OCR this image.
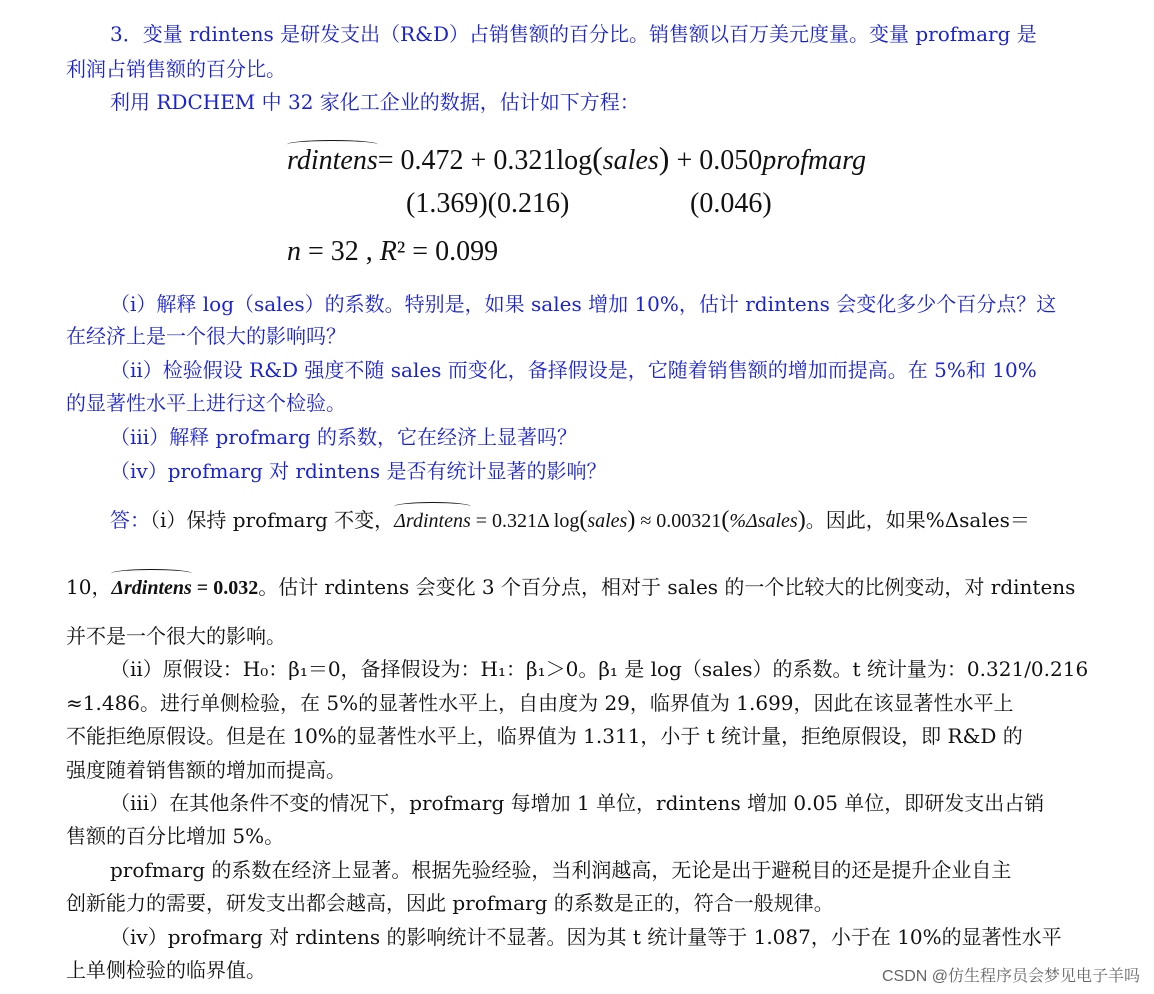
3．变量 rdintens 是研发支出（R&D）占销售额的百分比。销售额以百万美元度量。变量 profmarg 是
利润占销售额的百分比。
利用 RDCHEM 中 32 家化工企业的数据，估计如下方程：
rdintens= 0.472 + 0.321log(sales) + 0.050profmarg
(1.369)(0.216)	(0.046)
n = 32 , R² = 0.099
（i）解释 log（sales）的系数。特别是，如果 sales 增加 10%，估计 rdintens 会变化多少个百分点？这
在经济上是一个很大的影响吗？
（ii）检验假设 R&D 强度不随 sales 而变化，备择假设是，它随着销售额的增加而提高。在 5%和 10%
的显著性水平上进行这个检验。
（iii）解释 profmarg 的系数，它在经济上显著吗？
（iv）profmarg 对 rdintens 是否有统计显著的影响？
答：（i）保持 profmarg 不变，Δrdintens = 0.321Δ log(sales) ≈ 0.00321(%Δsales)。因此，如果%Δsales＝
10，Δrdintens = 0.032。估计 rdintens 会变化 3 个百分点，相对于 sales 的一个比较大的比例变动，对 rdintens
并不是一个很大的影响。
（ii）原假设：H₀：β₁＝0，备择假设为：H₁：β₁＞0。β₁ 是 log（sales）的系数。t 统计量为：0.321/0.216
≈1.486。进行单侧检验，在 5%的显著性水平上，自由度为 29，临界值为 1.699，因此在该显著性水平上
不能拒绝原假设。但是在 10%的显著性水平上，临界值为 1.311，小于 t 统计量，拒绝原假设，即 R&D 的
强度随着销售额的增加而提高。
（iii）在其他条件不变的情况下，profmarg 每增加 1 单位，rdintens 增加 0.05 单位，即研发支出占销
售额的百分比增加 5%。
profmarg 的系数在经济上显著。根据先验经验，当利润越高，无论是出于避税目的还是提升企业自主
创新能力的需要，研发支出都会越高，因此 profmarg 的系数是正的，符合一般规律。
（iv）profmarg 对 rdintens 的影响统计不显著。因为其 t 统计量等于 1.087，小于在 10%的显著性水平
上单侧检验的临界值。	CSDN @仿生程序员会梦见电子羊吗
